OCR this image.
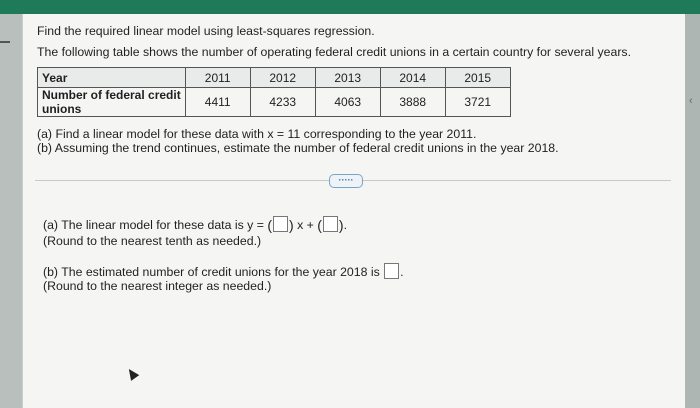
‹
Find the required linear model using least-squares regression.
The following table shows the number of operating federal credit unions in a certain country for several years.
Year	2011	2012	2013	2014	2015
Number of federal credit
unions	4411	4233	4063	3888	3721
(a) Find a linear model for these data with x = 11 corresponding to the year 2011.
(b) Assuming the trend continues, estimate the number of federal credit unions in the year 2018.
·····
(a) The linear model for these data is y = ( ) x + ( ).
(Round to the nearest tenth as needed.)
(b) The estimated number of credit unions for the year 2018 is .
(Round to the nearest integer as needed.)
